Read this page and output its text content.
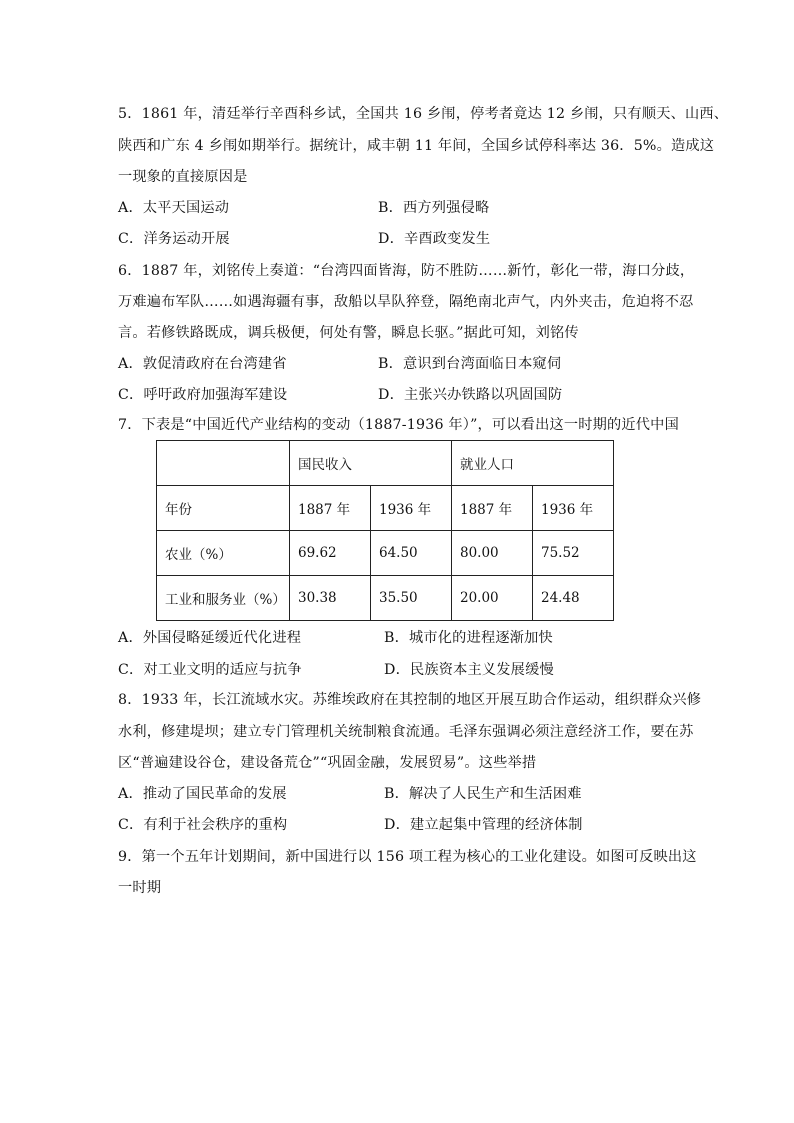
5．1861 年，清廷举行辛酉科乡试，全国共 16 乡闱，停考者竟达 12 乡闱，只有顺天、山西、
陕西和广东 4 乡闱如期举行。据统计，咸丰朝 11 年间，全国乡试停科率达 36．5%。造成这
一现象的直接原因是
A．太平天国运动	B．西方列强侵略
C．洋务运动开展	D．辛酉政变发生
6．1887 年，刘铭传上奏道：“台湾四面皆海，防不胜防……新竹，彰化一带，海口分歧，
万难遍布军队……如遇海疆有事，敌船以旱队猝登，隔绝南北声气，内外夹击，危迫将不忍
言。若修铁路既成，调兵极便，何处有警，瞬息长驱。”据此可知，刘铭传
A．敦促清政府在台湾建省	B．意识到台湾面临日本窥伺
C．呼吁政府加强海军建设	D．主张兴办铁路以巩固国防
7．下表是“中国近代产业结构的变动（1887-1936 年）”，可以看出这一时期的近代中国
	国民收入		就业人口	
年份	1887 年	1936 年	1887 年	1936 年
农业（%）	69.62	64.50	80.00	75.52
工业和服务业（%）	30.38	35.50	20.00	24.48
A．外国侵略延缓近代化进程	B．城市化的进程逐渐加快
C．对工业文明的适应与抗争	D．民族资本主义发展缓慢
8．1933 年，长江流域水灾。苏维埃政府在其控制的地区开展互助合作运动，组织群众兴修
水利，修建堤坝；建立专门管理机关统制粮食流通。毛泽东强调必须注意经济工作，要在苏
区“普遍建设谷仓，建设备荒仓”“巩固金融，发展贸易”。这些举措
A．推动了国民革命的发展	B．解决了人民生产和生活困难
C．有利于社会秩序的重构	D．建立起集中管理的经济体制
9．第一个五年计划期间，新中国进行以 156 项工程为核心的工业化建设。如图可反映出这
一时期
